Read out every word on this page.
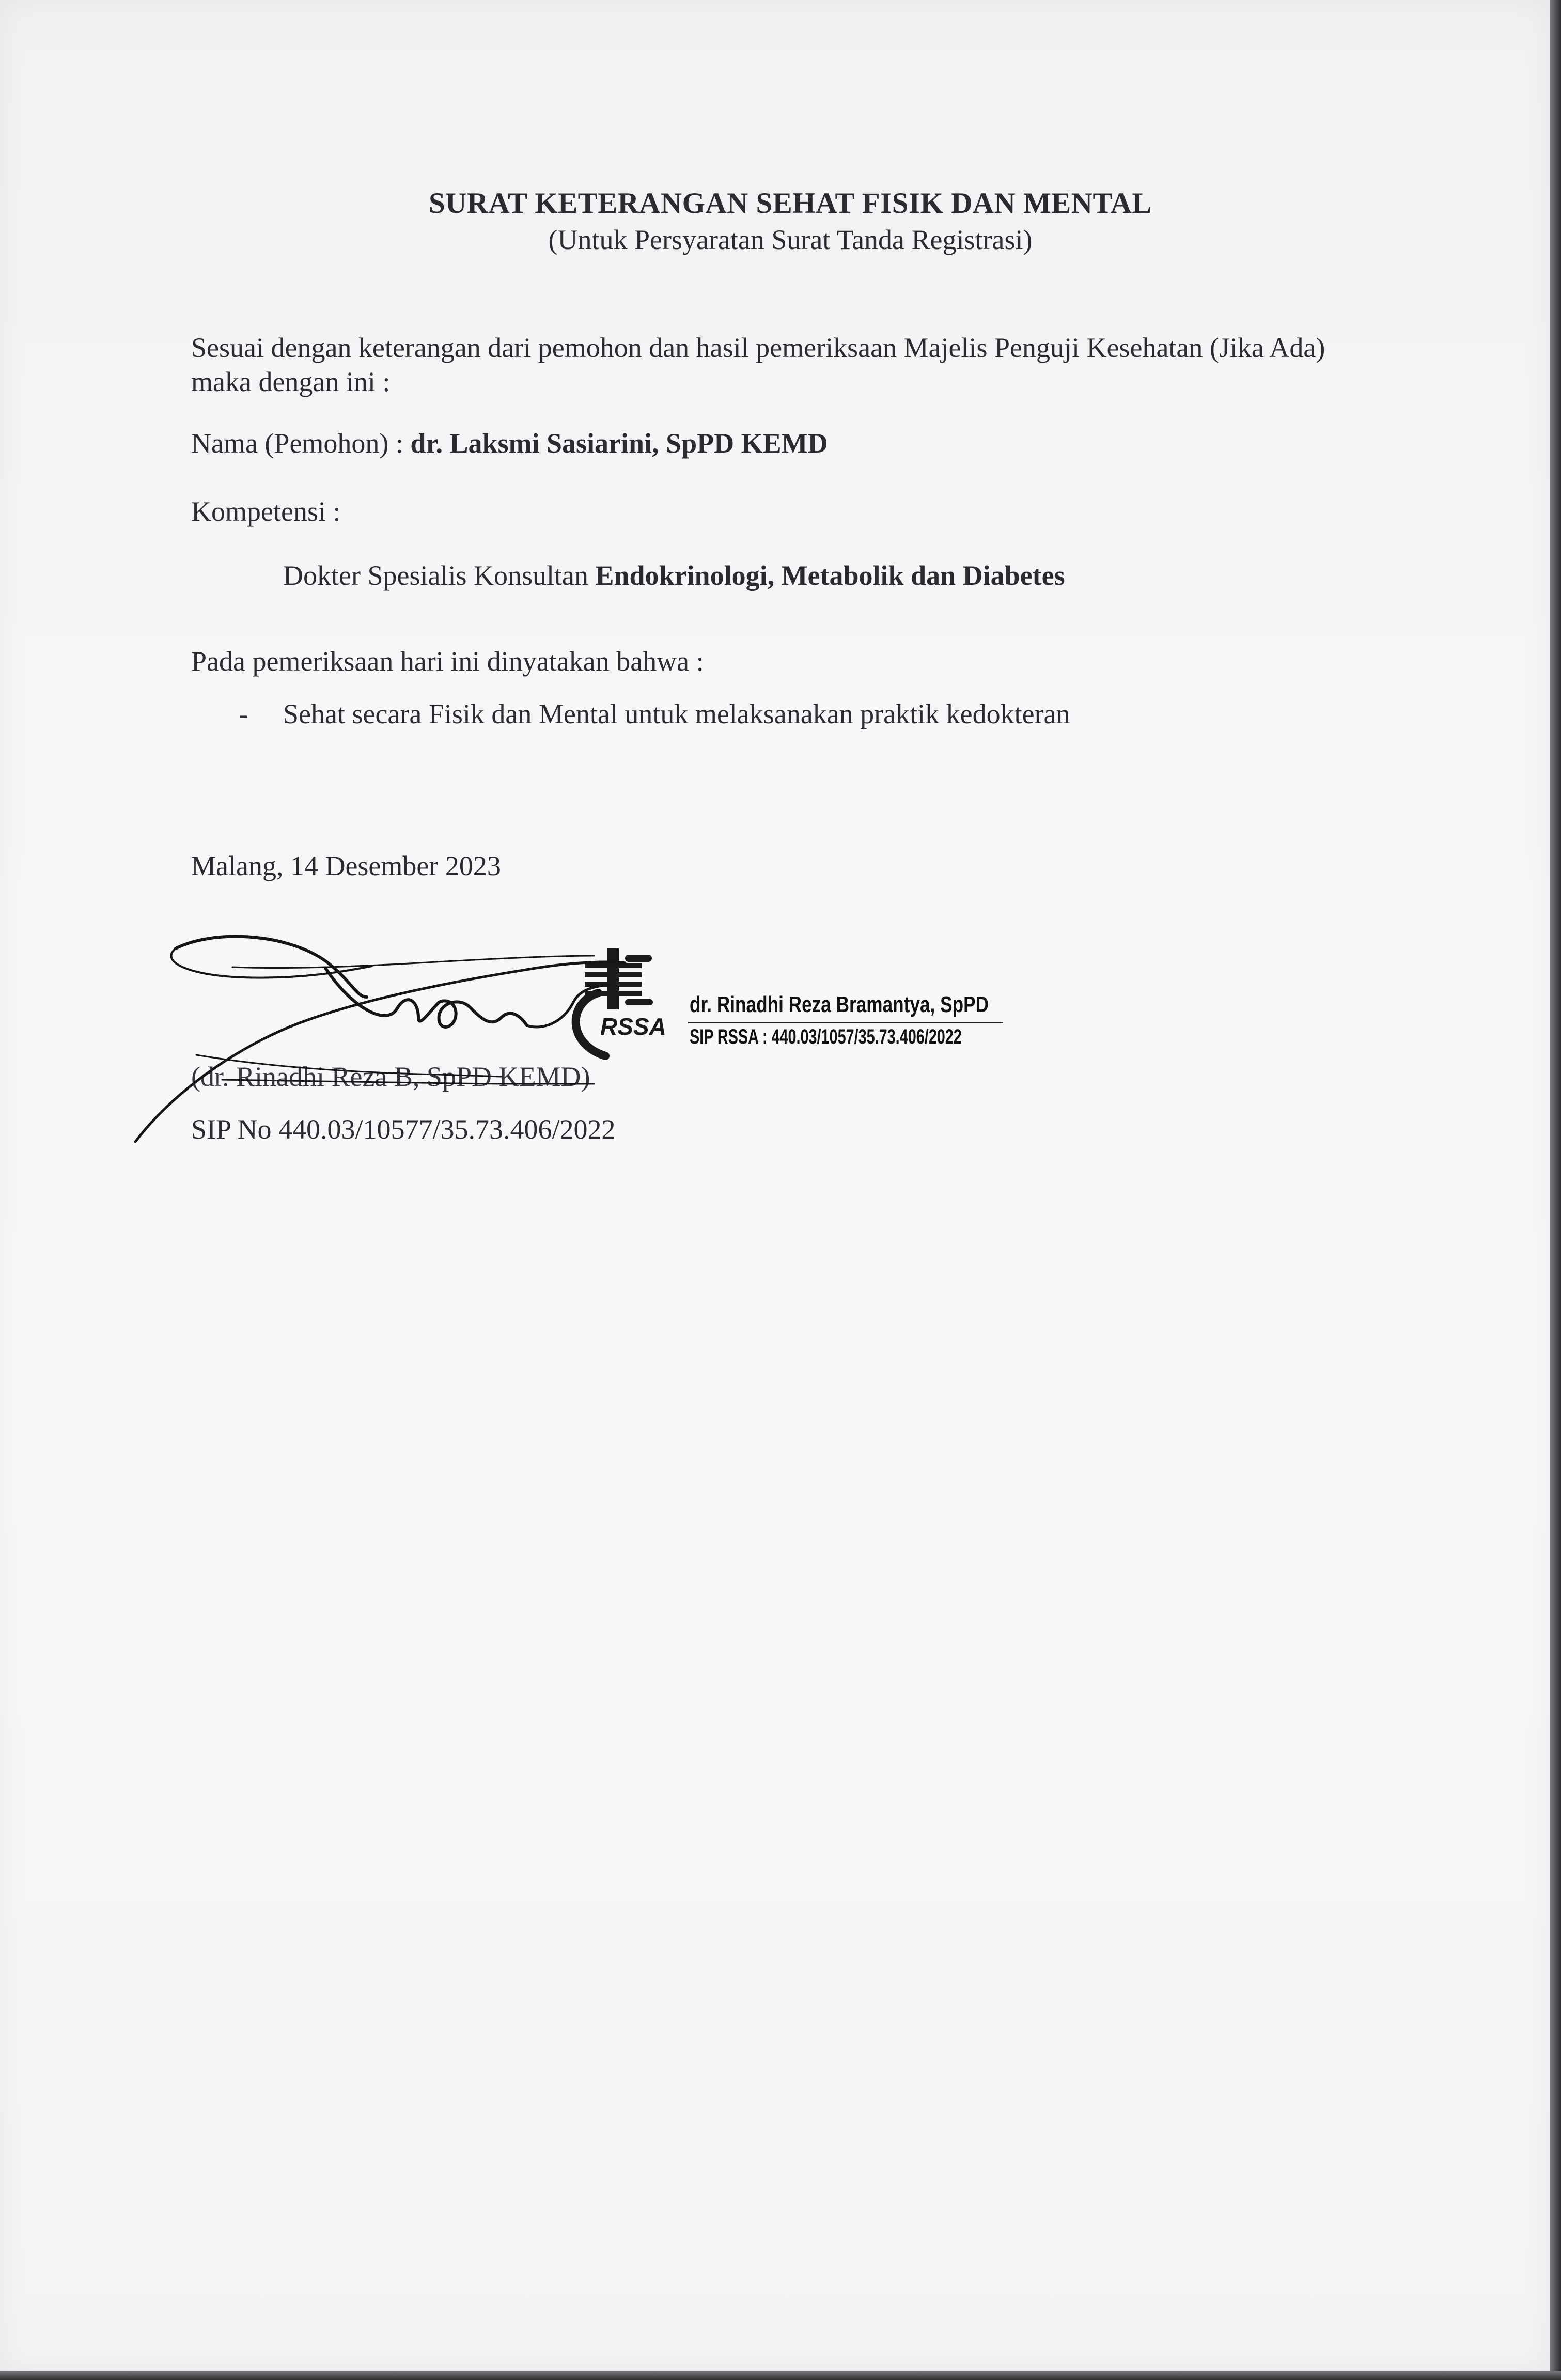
SURAT KETERANGAN SEHAT FISIK DAN MENTAL
(Untuk Persyaratan Surat Tanda Registrasi)
Sesuai dengan keterangan dari pemohon dan hasil pemeriksaan Majelis Penguji Kesehatan (Jika Ada) maka dengan ini :
Nama (Pemohon) : dr. Laksmi Sasiarini, SpPD KEMD
Kompetensi :
Dokter Spesialis Konsultan Endokrinologi, Metabolik dan Diabetes
Pada pemeriksaan hari ini dinyatakan bahwa :
- Sehat secara Fisik dan Mental untuk melaksanakan praktik kedokteran
Malang, 14 Desember 2023
RSSA
dr. Rinadhi Reza Bramantya, SpPD
SIP RSSA : 440.03/1057/35.73.406/2022
(dr. Rinadhi Reza B, SpPD KEMD)
SIP No 440.03/10577/35.73.406/2022
